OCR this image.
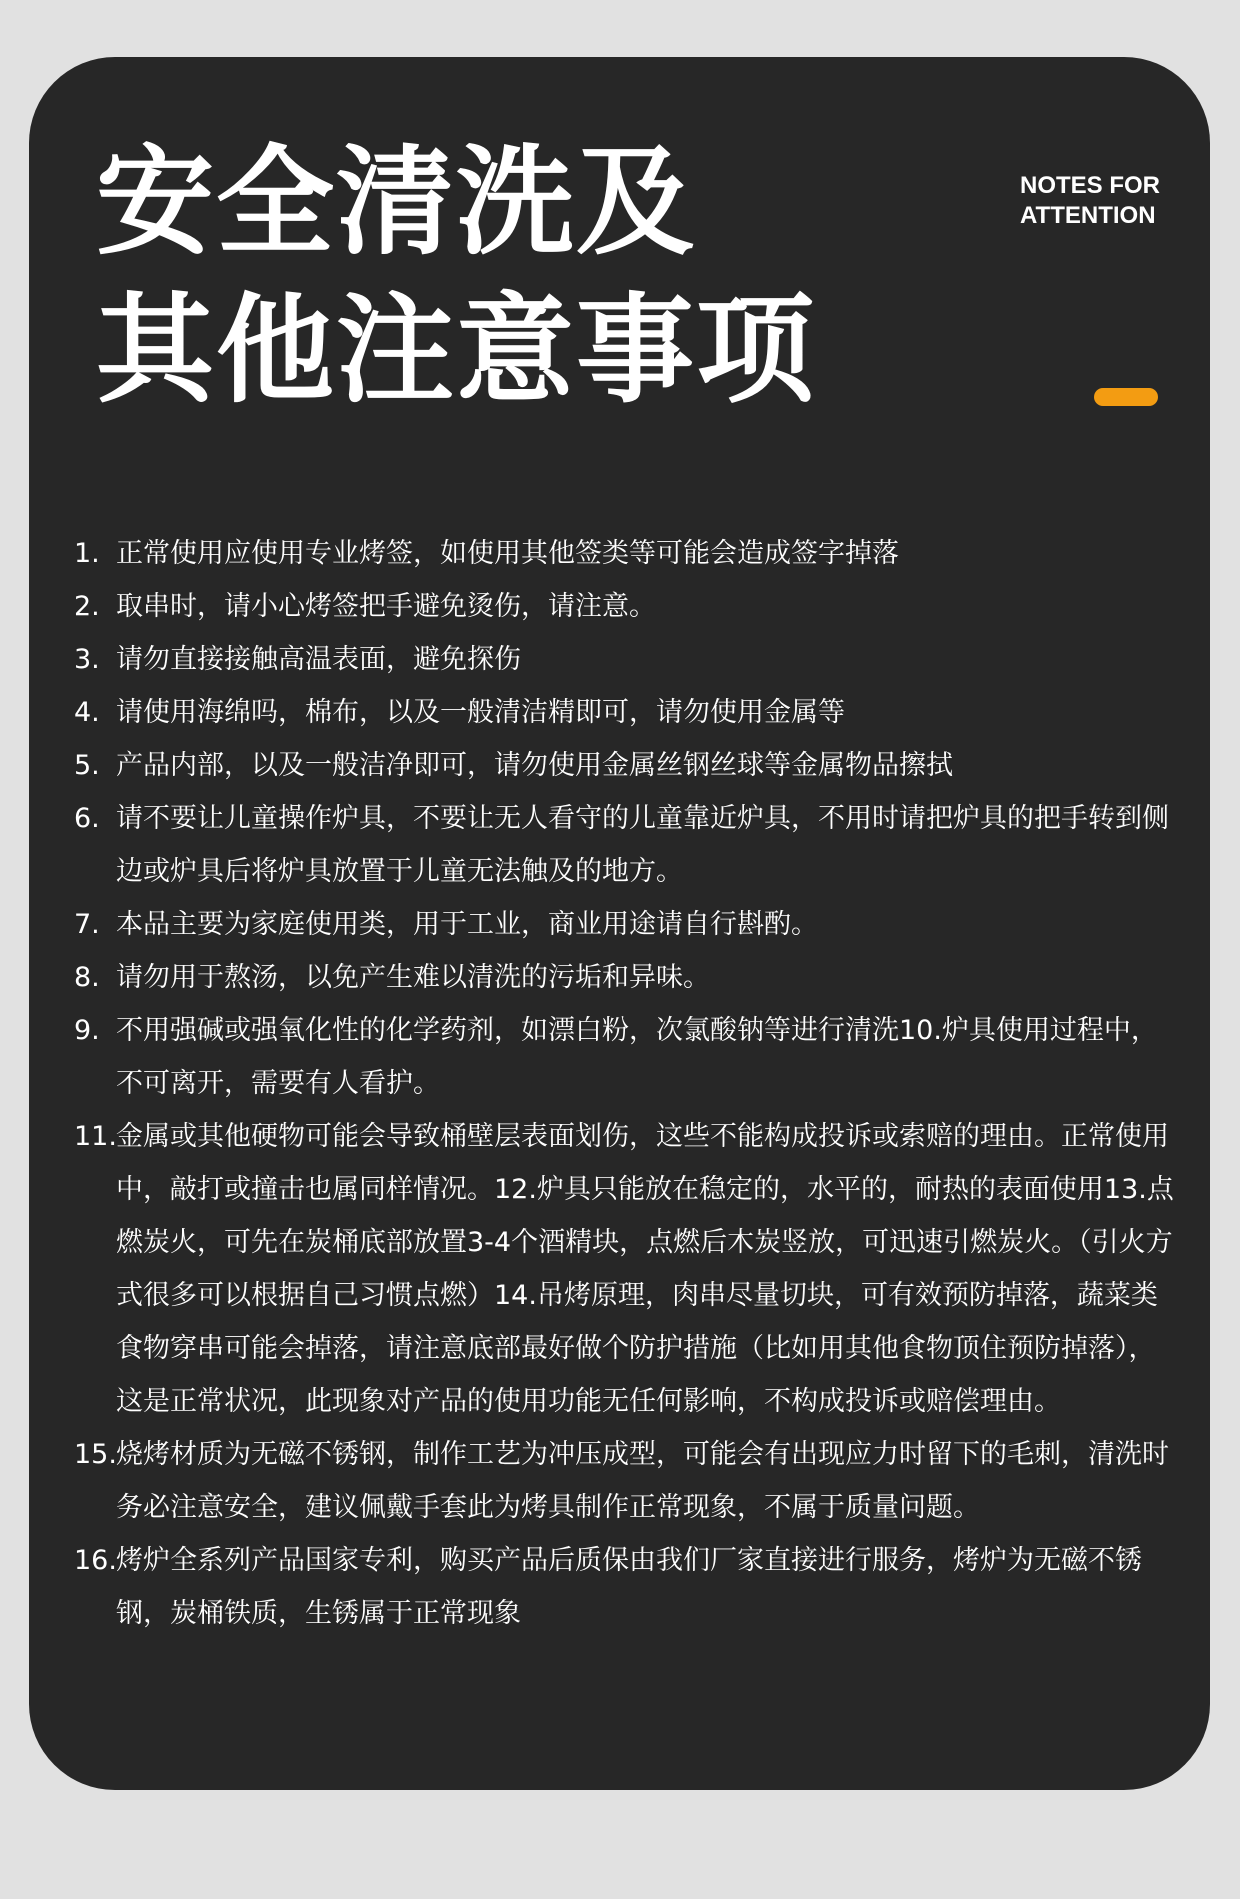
安全清洗及
其他注意事项
NOTES FOR
ATTENTION
1. 正常使用应使用专业烤签，如使用其他签类等可能会造成签字掉落
2. 取串时，请小心烤签把手避免烫伤，请注意。
3. 请勿直接接触高温表面，避免探伤
4. 请使用海绵吗，棉布，以及一般清洁精即可，请勿使用金属等
5. 产品内部，以及一般洁净即可，请勿使用金属丝钢丝球等金属物品擦拭
6. 请不要让儿童操作炉具，不要让无人看守的儿童靠近炉具，不用时请把炉具的把手转到侧边或炉具后将炉具放置于儿童无法触及的地方。
7. 本品主要为家庭使用类，用于工业，商业用途请自行斟酌。
8. 请勿用于熬汤，以免产生难以清洗的污垢和异味。
9. 不用强碱或强氧化性的化学药剂，如漂白粉，次氯酸钠等进行清洗10.炉具使用过程中，不可离开，需要有人看护。
11. 金属或其他硬物可能会导致桶壁层表面划伤，这些不能构成投诉或索赔的理由。正常使用中，敲打或撞击也属同样情况。12.炉具只能放在稳定的，水平的，耐热的表面使用13.点燃炭火，可先在炭桶底部放置3-4个酒精块，点燃后木炭竖放，可迅速引燃炭火。（引火方式很多可以根据自己习惯点燃）14.吊烤原理，肉串尽量切块，可有效预防掉落，蔬菜类食物穿串可能会掉落，请注意底部最好做个防护措施（比如用其他食物顶住预防掉落），这是正常状况，此现象对产品的使用功能无任何影响，不构成投诉或赔偿理由。
15. 烧烤材质为无磁不锈钢，制作工艺为冲压成型，可能会有出现应力时留下的毛刺，清洗时务必注意安全，建议佩戴手套此为烤具制作正常现象，不属于质量问题。
16. 烤炉全系列产品国家专利，购买产品后质保由我们厂家直接进行服务，烤炉为无磁不锈钢，炭桶铁质，生锈属于正常现象
